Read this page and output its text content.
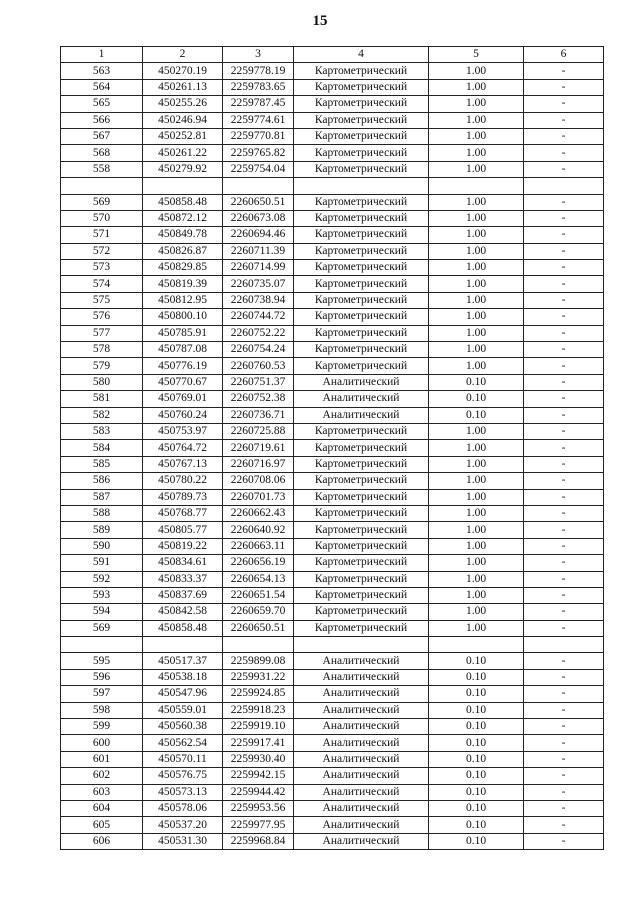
15
1	2	3	4	5	6
563	450270.19	2259778.19	Картометрический	1.00	-
564	450261.13	2259783.65	Картометрический	1.00	-
565	450255.26	2259787.45	Картометрический	1.00	-
566	450246.94	2259774.61	Картометрический	1.00	-
567	450252.81	2259770.81	Картометрический	1.00	-
568	450261.22	2259765.82	Картометрический	1.00	-
558	450279.92	2259754.04	Картометрический	1.00	-

569	450858.48	2260650.51	Картометрический	1.00	-
570	450872.12	2260673.08	Картометрический	1.00	-
571	450849.78	2260694.46	Картометрический	1.00	-
572	450826.87	2260711.39	Картометрический	1.00	-
573	450829.85	2260714.99	Картометрический	1.00	-
574	450819.39	2260735.07	Картометрический	1.00	-
575	450812.95	2260738.94	Картометрический	1.00	-
576	450800.10	2260744.72	Картометрический	1.00	-
577	450785.91	2260752.22	Картометрический	1.00	-
578	450787.08	2260754.24	Картометрический	1.00	-
579	450776.19	2260760.53	Картометрический	1.00	-
580	450770.67	2260751.37	Аналитический	0.10	-
581	450769.01	2260752.38	Аналитический	0.10	-
582	450760.24	2260736.71	Аналитический	0.10	-
583	450753.97	2260725.88	Картометрический	1.00	-
584	450764.72	2260719.61	Картометрический	1.00	-
585	450767.13	2260716.97	Картометрический	1.00	-
586	450780.22	2260708.06	Картометрический	1.00	-
587	450789.73	2260701.73	Картометрический	1.00	-
588	450768.77	2260662.43	Картометрический	1.00	-
589	450805.77	2260640.92	Картометрический	1.00	-
590	450819.22	2260663.11	Картометрический	1.00	-
591	450834.61	2260656.19	Картометрический	1.00	-
592	450833.37	2260654.13	Картометрический	1.00	-
593	450837.69	2260651.54	Картометрический	1.00	-
594	450842.58	2260659.70	Картометрический	1.00	-
569	450858.48	2260650.51	Картометрический	1.00	-

595	450517.37	2259899.08	Аналитический	0.10	-
596	450538.18	2259931.22	Аналитический	0.10	-
597	450547.96	2259924.85	Аналитический	0.10	-
598	450559.01	2259918.23	Аналитический	0.10	-
599	450560.38	2259919.10	Аналитический	0.10	-
600	450562.54	2259917.41	Аналитический	0.10	-
601	450570.11	2259930.40	Аналитический	0.10	-
602	450576.75	2259942.15	Аналитический	0.10	-
603	450573.13	2259944.42	Аналитический	0.10	-
604	450578.06	2259953.56	Аналитический	0.10	-
605	450537.20	2259977.95	Аналитический	0.10	-
606	450531.30	2259968.84	Аналитический	0.10	-
